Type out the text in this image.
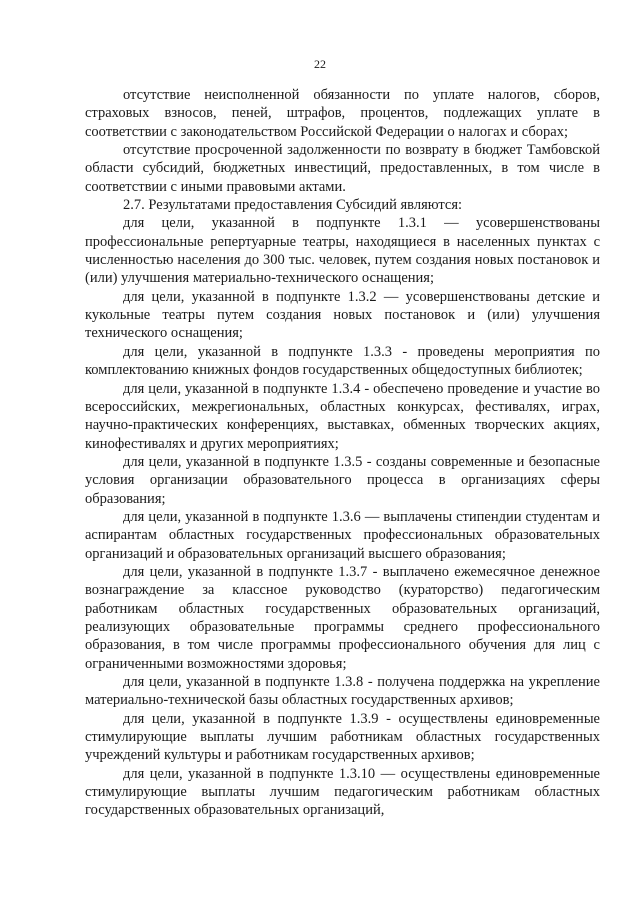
22

отсутствие неисполненной обязанности по уплате налогов, сборов, страховых взносов, пеней, штрафов, процентов, подлежащих уплате в соответствии с законодательством Российской Федерации о налогах и сборах;

отсутствие просроченной задолженности по возврату в бюджет Тамбовской области субсидий, бюджетных инвестиций, предоставленных, в том числе в соответствии с иными правовыми актами.

2.7. Результатами предоставления Субсидий являются:

для цели, указанной в подпункте 1.3.1 — усовершенствованы профессиональные репертуарные театры, находящиеся в населенных пунктах с численностью населения до 300 тыс. человек, путем создания новых постановок и (или) улучшения материально-технического оснащения;

для цели, указанной в подпункте 1.3.2 — усовершенствованы детские и кукольные театры путем создания новых постановок и (или) улучшения технического оснащения;

для цели, указанной в подпункте 1.3.3 - проведены мероприятия по комплектованию книжных фондов государственных общедоступных библиотек;

для цели, указанной в подпункте 1.3.4 - обеспечено проведение и участие во всероссийских, межрегиональных, областных конкурсах, фестивалях, играх, научно-практических конференциях, выставках, обменных творческих акциях, кинофестивалях и других мероприятиях;

для цели, указанной в подпункте 1.3.5 - созданы современные и безопасные условия организации образовательного процесса в организациях сферы образования;

для цели, указанной в подпункте 1.3.6 — выплачены стипендии студентам и аспирантам областных государственных профессиональных образовательных организаций и образовательных организаций высшего образования;

для цели, указанной в подпункте 1.3.7 - выплачено ежемесячное денежное вознаграждение за классное руководство (кураторство) педагогическим работникам областных государственных образовательных организаций, реализующих образовательные программы среднего профессионального образования, в том числе программы профессионального обучения для лиц с ограниченными возможностями здоровья;

для цели, указанной в подпункте 1.3.8 - получена поддержка на укрепление материально-технической базы областных государственных архивов;

для цели, указанной в подпункте 1.3.9 - осуществлены единовременные стимулирующие выплаты лучшим работникам областных государственных учреждений культуры и работникам государственных архивов;

для цели, указанной в подпункте 1.3.10 — осуществлены единовременные стимулирующие выплаты лучшим педагогическим работникам областных государственных образовательных организаций,
